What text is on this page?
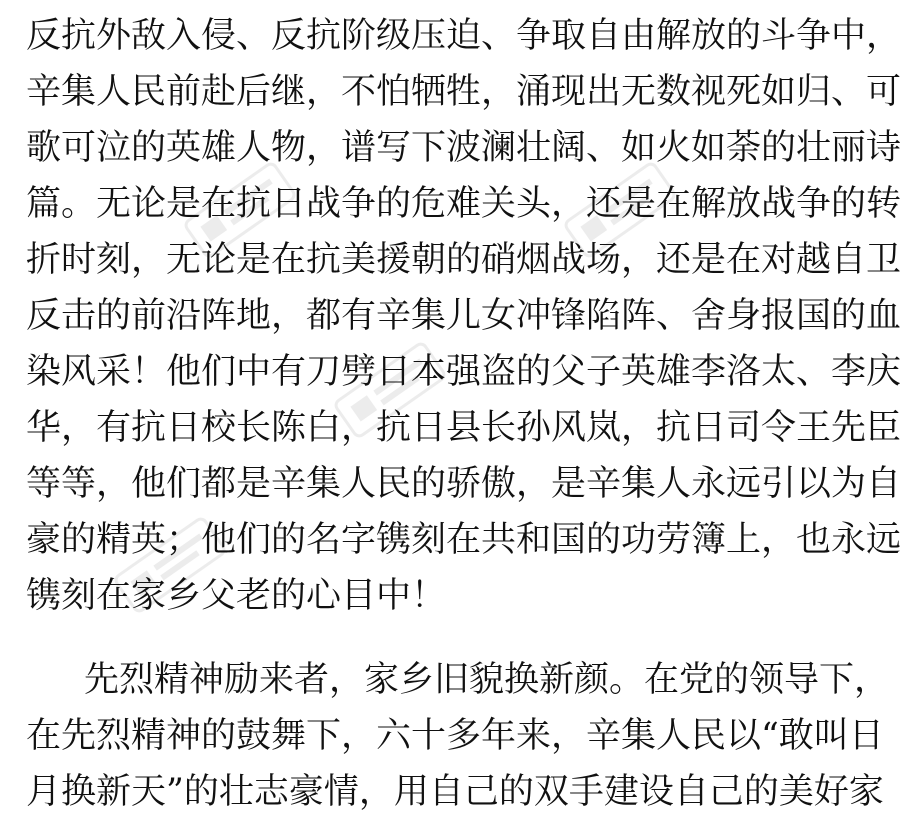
反抗外敌入侵、反抗阶级压迫、争取自由解放的斗争中，
辛集人民前赴后继，不怕牺牲，涌现出无数视死如归、可
歌可泣的英雄人物，谱写下波澜壮阔、如火如荼的壮丽诗
篇。无论是在抗日战争的危难关头，还是在解放战争的转
折时刻，无论是在抗美援朝的硝烟战场，还是在对越自卫
反击的前沿阵地，都有辛集儿女冲锋陷阵、舍身报国的血
染风采！他们中有刀劈日本强盗的父子英雄李洛太、李庆
华，有抗日校长陈白，抗日县长孙风岚，抗日司令王先臣
等等，他们都是辛集人民的骄傲，是辛集人永远引以为自
豪的精英；他们的名字镌刻在共和国的功劳簿上，也永远
镌刻在家乡父老的心目中！
先烈精神励来者，家乡旧貌换新颜。在党的领导下，
在先烈精神的鼓舞下，六十多年来，辛集人民以“敢叫日
月换新天”的壮志豪情，用自己的双手建设自己的美好家
